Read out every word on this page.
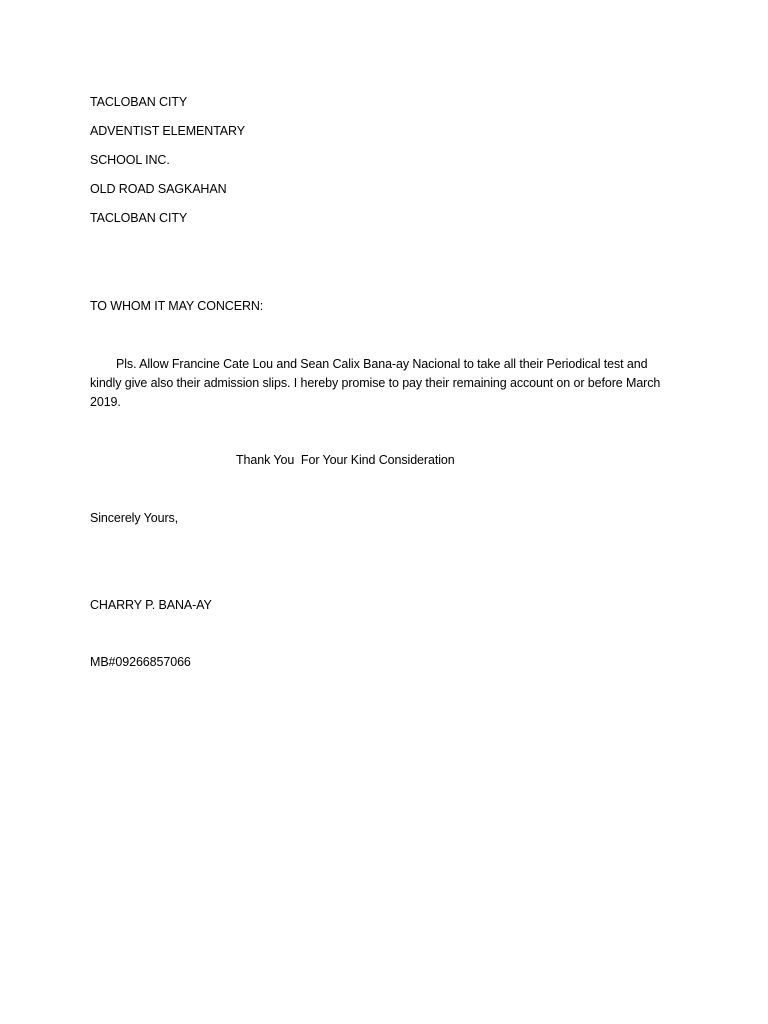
TACLOBAN CITY
ADVENTIST ELEMENTARY
SCHOOL INC.
OLD ROAD SAGKAHAN
TACLOBAN CITY
TO WHOM IT MAY CONCERN:
Pls. Allow Francine Cate Lou and Sean Calix Bana-ay Nacional to take all their Periodical test and kindly give also their admission slips. I hereby promise to pay their remaining account on or before March 2019.
Thank You  For Your Kind Consideration
Sincerely Yours,
CHARRY P. BANA-AY
MB#09266857066
